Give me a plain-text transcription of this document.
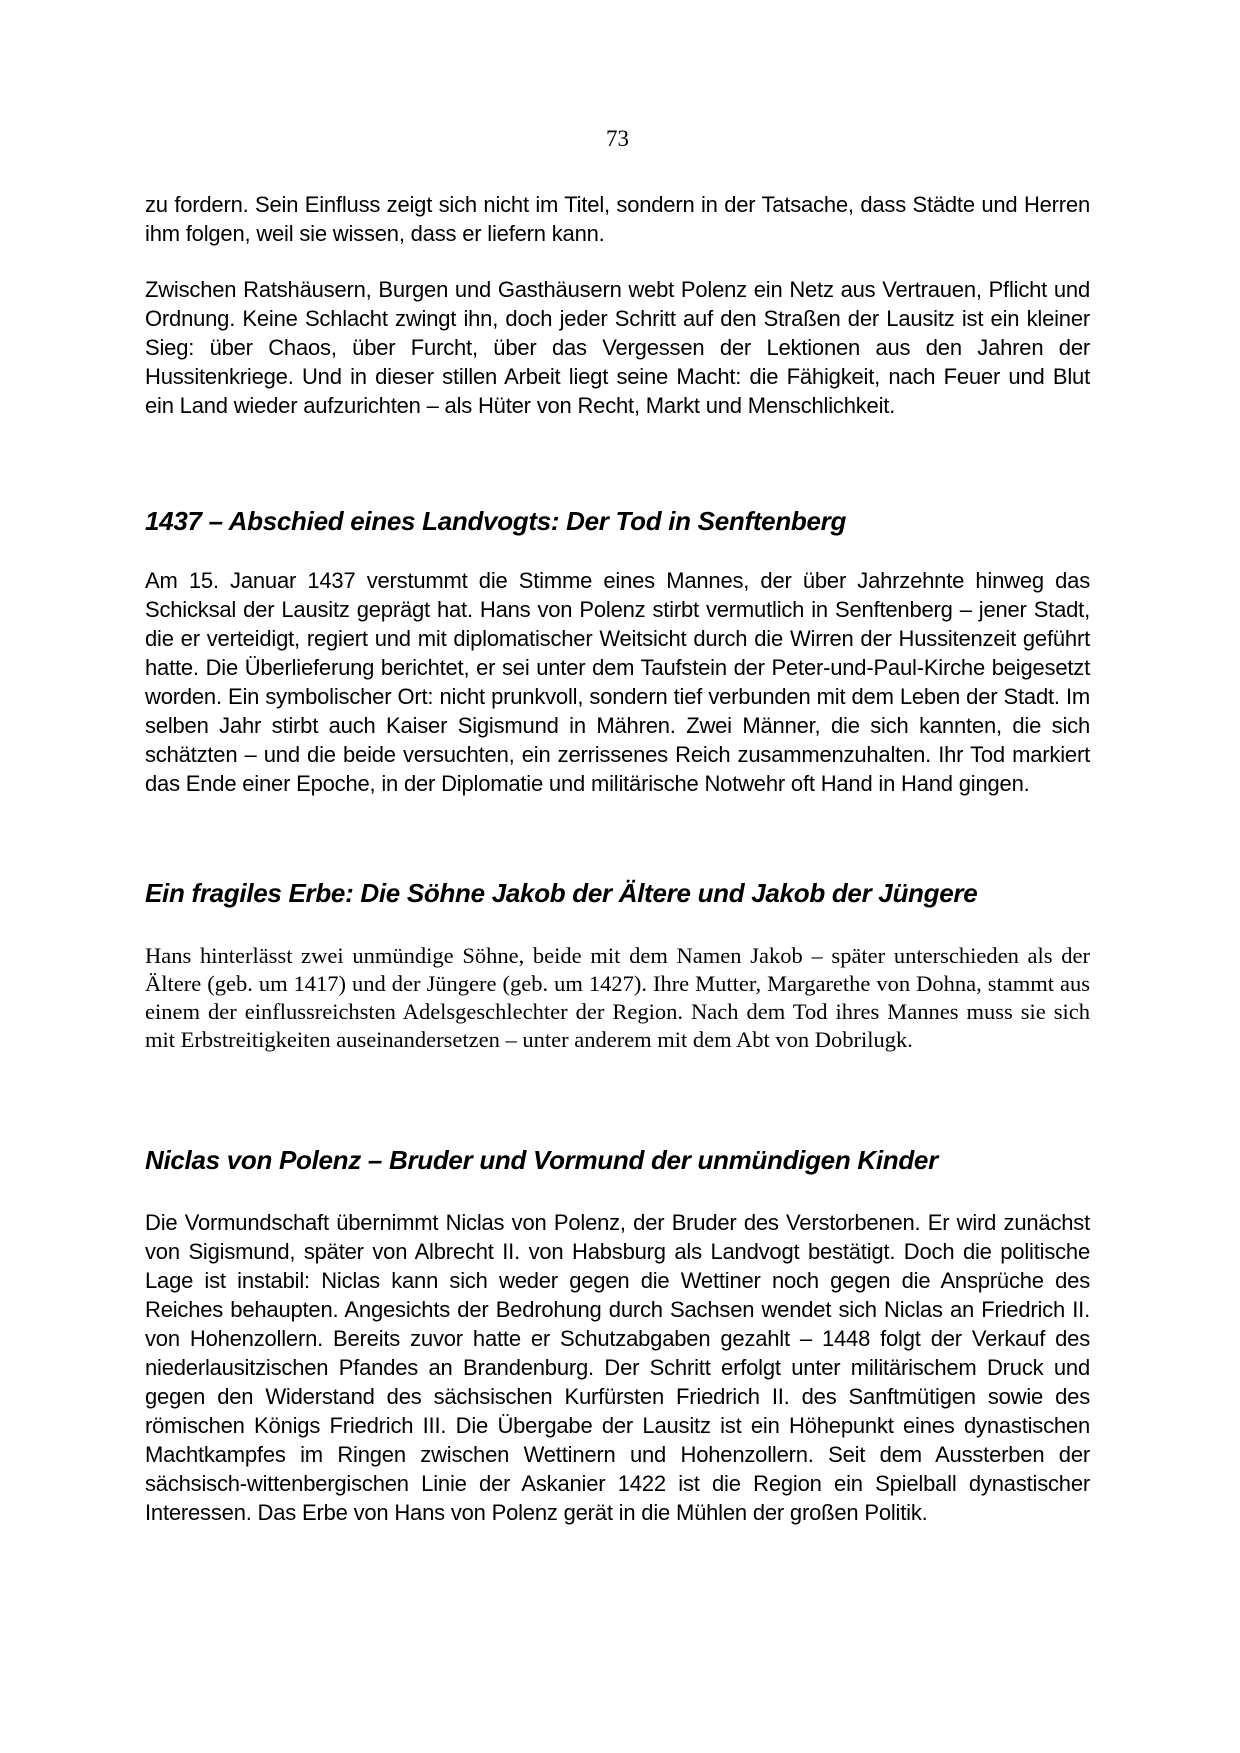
73

zu fordern. Sein Einfluss zeigt sich nicht im Titel, sondern in der Tatsache, dass Städte und Herren ihm folgen, weil sie wissen, dass er liefern kann.

Zwischen Ratshäusern, Burgen und Gasthäusern webt Polenz ein Netz aus Vertrauen, Pflicht und Ordnung. Keine Schlacht zwingt ihn, doch jeder Schritt auf den Straßen der Lausitz ist ein kleiner Sieg: über Chaos, über Furcht, über das Vergessen der Lektionen aus den Jahren der Hussitenkriege. Und in dieser stillen Arbeit liegt seine Macht: die Fähigkeit, nach Feuer und Blut ein Land wieder aufzurichten – als Hüter von Recht, Markt und Menschlichkeit.

1437 – Abschied eines Landvogts: Der Tod in Senftenberg

Am 15. Januar 1437 verstummt die Stimme eines Mannes, der über Jahrzehnte hinweg das Schicksal der Lausitz geprägt hat. Hans von Polenz stirbt vermutlich in Senftenberg – jener Stadt, die er verteidigt, regiert und mit diplomatischer Weitsicht durch die Wirren der Hussitenzeit geführt hatte. Die Überlieferung berichtet, er sei unter dem Taufstein der Peter-und-Paul-Kirche beigesetzt worden. Ein symbolischer Ort: nicht prunkvoll, sondern tief verbunden mit dem Leben der Stadt. Im selben Jahr stirbt auch Kaiser Sigismund in Mähren. Zwei Männer, die sich kannten, die sich schätzten – und die beide versuchten, ein zerrissenes Reich zusammenzuhalten. Ihr Tod markiert das Ende einer Epoche, in der Diplomatie und militärische Notwehr oft Hand in Hand gingen.

Ein fragiles Erbe: Die Söhne Jakob der Ältere und Jakob der Jüngere

Hans hinterlässt zwei unmündige Söhne, beide mit dem Namen Jakob – später unterschieden als der Ältere (geb. um 1417) und der Jüngere (geb. um 1427). Ihre Mutter, Margarethe von Dohna, stammt aus einem der einflussreichsten Adelsgeschlechter der Region. Nach dem Tod ihres Mannes muss sie sich mit Erbstreitigkeiten auseinandersetzen – unter anderem mit dem Abt von Dobrilugk.

Niclas von Polenz – Bruder und Vormund der unmündigen Kinder

Die Vormundschaft übernimmt Niclas von Polenz, der Bruder des Verstorbenen. Er wird zunächst von Sigismund, später von Albrecht II. von Habsburg als Landvogt bestätigt. Doch die politische Lage ist instabil: Niclas kann sich weder gegen die Wettiner noch gegen die Ansprüche des Reiches behaupten. Angesichts der Bedrohung durch Sachsen wendet sich Niclas an Friedrich II. von Hohenzollern. Bereits zuvor hatte er Schutzabgaben gezahlt – 1448 folgt der Verkauf des niederlausitzischen Pfandes an Brandenburg. Der Schritt erfolgt unter militärischem Druck und gegen den Widerstand des sächsischen Kurfürsten Friedrich II. des Sanftmütigen sowie des römischen Königs Friedrich III. Die Übergabe der Lausitz ist ein Höhepunkt eines dynastischen Machtkampfes im Ringen zwischen Wettinern und Hohenzollern. Seit dem Aussterben der sächsisch-wittenbergischen Linie der Askanier 1422 ist die Region ein Spielball dynastischer Interessen. Das Erbe von Hans von Polenz gerät in die Mühlen der großen Politik.
